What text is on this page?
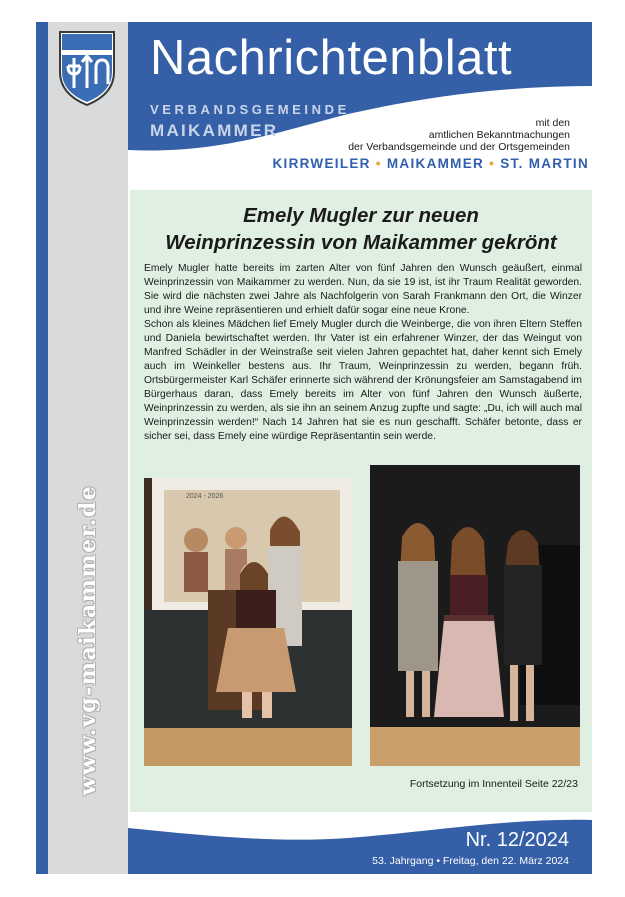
www.vg-maikammer.de
Nachrichtenblatt
VERBANDSGEMEINDE
MAIKAMMER	mit den
amtlichen Bekanntmachungen
der Verbandsgemeinde und der Ortsgemeinden
KIRRWEILER • MAIKAMMER • ST. MARTIN
Emely Mugler zur neuen
Weinprinzessin von Maikammer gekrönt

Emely Mugler hatte bereits im zarten Alter von fünf Jahren den Wunsch geäußert, einmal Weinprinzessin von Maikammer zu werden. Nun, da sie 19 ist, ist ihr Traum Realität geworden. Sie wird die nächsten zwei Jahre als Nachfolgerin von Sarah Frankmann den Ort, die Winzer und ihre Weine repräsentieren und erhielt dafür sogar eine neue Krone.

Schon als kleines Mädchen lief Emely Mugler durch die Weinberge, die von ihren Eltern Steffen und Daniela bewirtschaftet werden. Ihr Vater ist ein erfahrener Winzer, der das Weingut von Manfred Schädler in der Weinstraße seit vielen Jahren gepachtet hat, daher kennt sich Emely auch im Weinkeller bestens aus. Ihr Traum, Weinprinzessin zu werden, begann früh. Ortsbürgermeister Karl Schäfer erinnerte sich während der Krönungsfeier am Samstagabend im Bürgerhaus daran, dass Emely bereits im Alter von fünf Jahren den Wunsch äußerte, Weinprinzessin zu werden, als sie ihn an seinem Anzug zupfte und sagte: „Du, ich will auch mal Weinprinzessin werden!“ Nach 14 Jahren hat sie es nun geschafft. Schäfer betonte, dass er sicher sei, dass Emely eine würdige Repräsentantin sein werde.

2024 - 2026
Fortsetzung im Innenteil Seite 22/23
Nr. 12/2024
53. Jahrgang • Freitag, den 22. März 2024
